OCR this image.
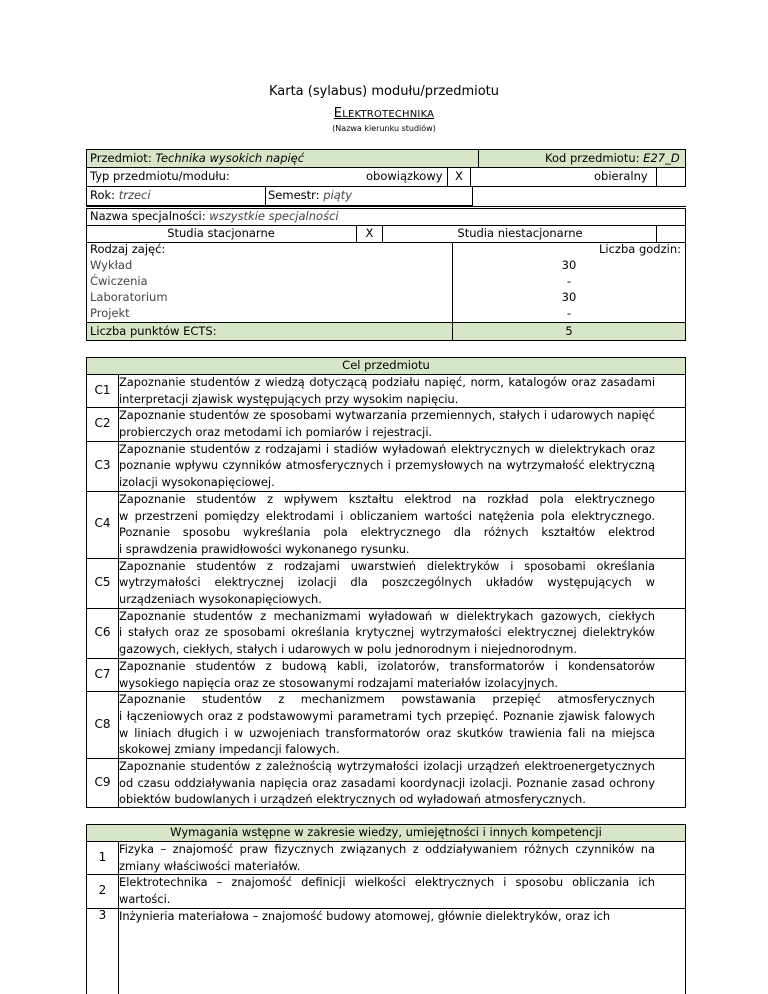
Karta (sylabus) modułu/przedmiotu
ELEKTROTECHNIKA
(Nazwa kierunku studiów)
Przedmiot: Technika wysokich napięć	Kod przedmiotu: E27_D
Typ przedmiotu/modułu:	obowiązkowy	X	obieralny
Rok: trzeci	Semestr: piąty
Nazwa specjalności: wszystkie specjalności
Studia stacjonarne	X	Studia niestacjonarne
Rodzaj zajęć:	Liczba godzin:
Wykład	30
Ćwiczenia	-
Laboratorium	30
Projekt	-
Liczba punktów ECTS:	5
Cel przedmiotu
C1
Zapoznanie studentów z wiedzą dotyczącą podziału napięć, norm, katalogów oraz zasadami
interpretacji zjawisk występujących przy wysokim napięciu.
C2
Zapoznanie studentów ze sposobami wytwarzania przemiennych, stałych i udarowych napięć
probierczych oraz metodami ich pomiarów i rejestracji.
C3
Zapoznanie studentów z rodzajami i stadiów wyładowań elektrycznych w dielektrykach oraz
poznanie wpływu czynników atmosferycznych i przemysłowych na wytrzymałość elektryczną
izolacji wysokonapięciowej.
C4
Zapoznanie studentów z wpływem kształtu elektrod na rozkład pola elektrycznego
w przestrzeni pomiędzy elektrodami i obliczaniem wartości natężenia pola elektrycznego.
Poznanie sposobu wykreślania pola elektrycznego dla różnych kształtów elektrod
i sprawdzenia prawidłowości wykonanego rysunku.
C5
Zapoznanie studentów z rodzajami uwarstwień dielektryków i sposobami określania
wytrzymałości elektrycznej izolacji dla poszczególnych układów występujących w
urządzeniach wysokonapięciowych.
C6
Zapoznanie studentów z mechanizmami wyładowań w dielektrykach gazowych, ciekłych
i stałych oraz ze sposobami określania krytycznej wytrzymałości elektrycznej dielektryków
gazowych, ciekłych, stałych i udarowych w polu jednorodnym i niejednorodnym.
C7
Zapoznanie studentów z budową kabli, izolatorów, transformatorów i kondensatorów
wysokiego napięcia oraz ze stosowanymi rodzajami materiałów izolacyjnych.
C8
Zapoznanie studentów z mechanizmem powstawania przepięć atmosferycznych
i łączeniowych oraz z podstawowymi parametrami tych przepięć. Poznanie zjawisk falowych
w liniach długich i w uzwojeniach transformatorów oraz skutków trawienia fali na miejsca
skokowej zmiany impedancji falowych.
C9
Zapoznanie studentów z zależnością wytrzymałości izolacji urządzeń elektroenergetycznych
od czasu oddziaływania napięcia oraz zasadami koordynacji izolacji. Poznanie zasad ochrony
obiektów budowlanych i urządzeń elektrycznych od wyładowań atmosferycznych.
Wymagania wstępne w zakresie wiedzy, umiejętności i innych kompetencji
1
Fizyka – znajomość praw fizycznych związanych z oddziaływaniem różnych czynników na
zmiany właściwości materiałów.
2
Elektrotechnika – znajomość definicji wielkości elektrycznych i sposobu obliczania ich
wartości.
3	Inżynieria materiałowa – znajomość budowy atomowej, głównie dielektryków, oraz ich
